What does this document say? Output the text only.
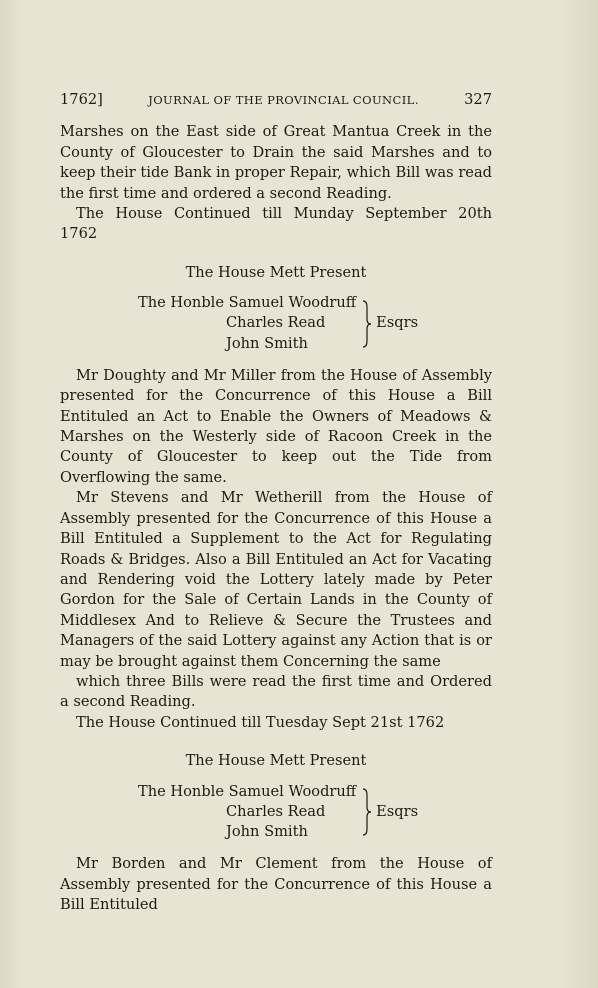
1762]	JOURNAL OF THE PROVINCIAL COUNCIL.	327

Marshes on the East side of Great Mantua Creek in the County of Gloucester to Drain the said Marshes and to keep their tide Bank in proper Repair, which Bill was read the first time and ordered a second Reading.

The House Continued till Munday September 20th 1762

The House Mett Present
The Honble Samuel Woodruff
Charles Read
John Smith
Esqrs

Mr Doughty and Mr Miller from the House of Assembly presented for the Concurrence of this House a Bill Entituled an Act to Enable the Owners of Meadows & Marshes on the Westerly side of Racoon Creek in the County of Gloucester to keep out the Tide from Overflowing the same.

Mr Stevens and Mr Wetherill from the House of Assembly presented for the Concurrence of this House a Bill Entituled a Supplement to the Act for Regulating Roads & Bridges. Also a Bill Entituled an Act for Vacating and Rendering void the Lottery lately made by Peter Gordon for the Sale of Certain Lands in the County of Middlesex And to Relieve & Secure the Trustees and Managers of the said Lottery against any Action that is or may be brought against them Concerning the same

which three Bills were read the first time and Ordered a second Reading.

The House Continued till Tuesday Sept 21st 1762

The House Mett Present
The Honble Samuel Woodruff
Charles Read
John Smith
Esqrs

Mr Borden and Mr Clement from the House of Assembly presented for the Concurrence of this House a Bill Entituled
